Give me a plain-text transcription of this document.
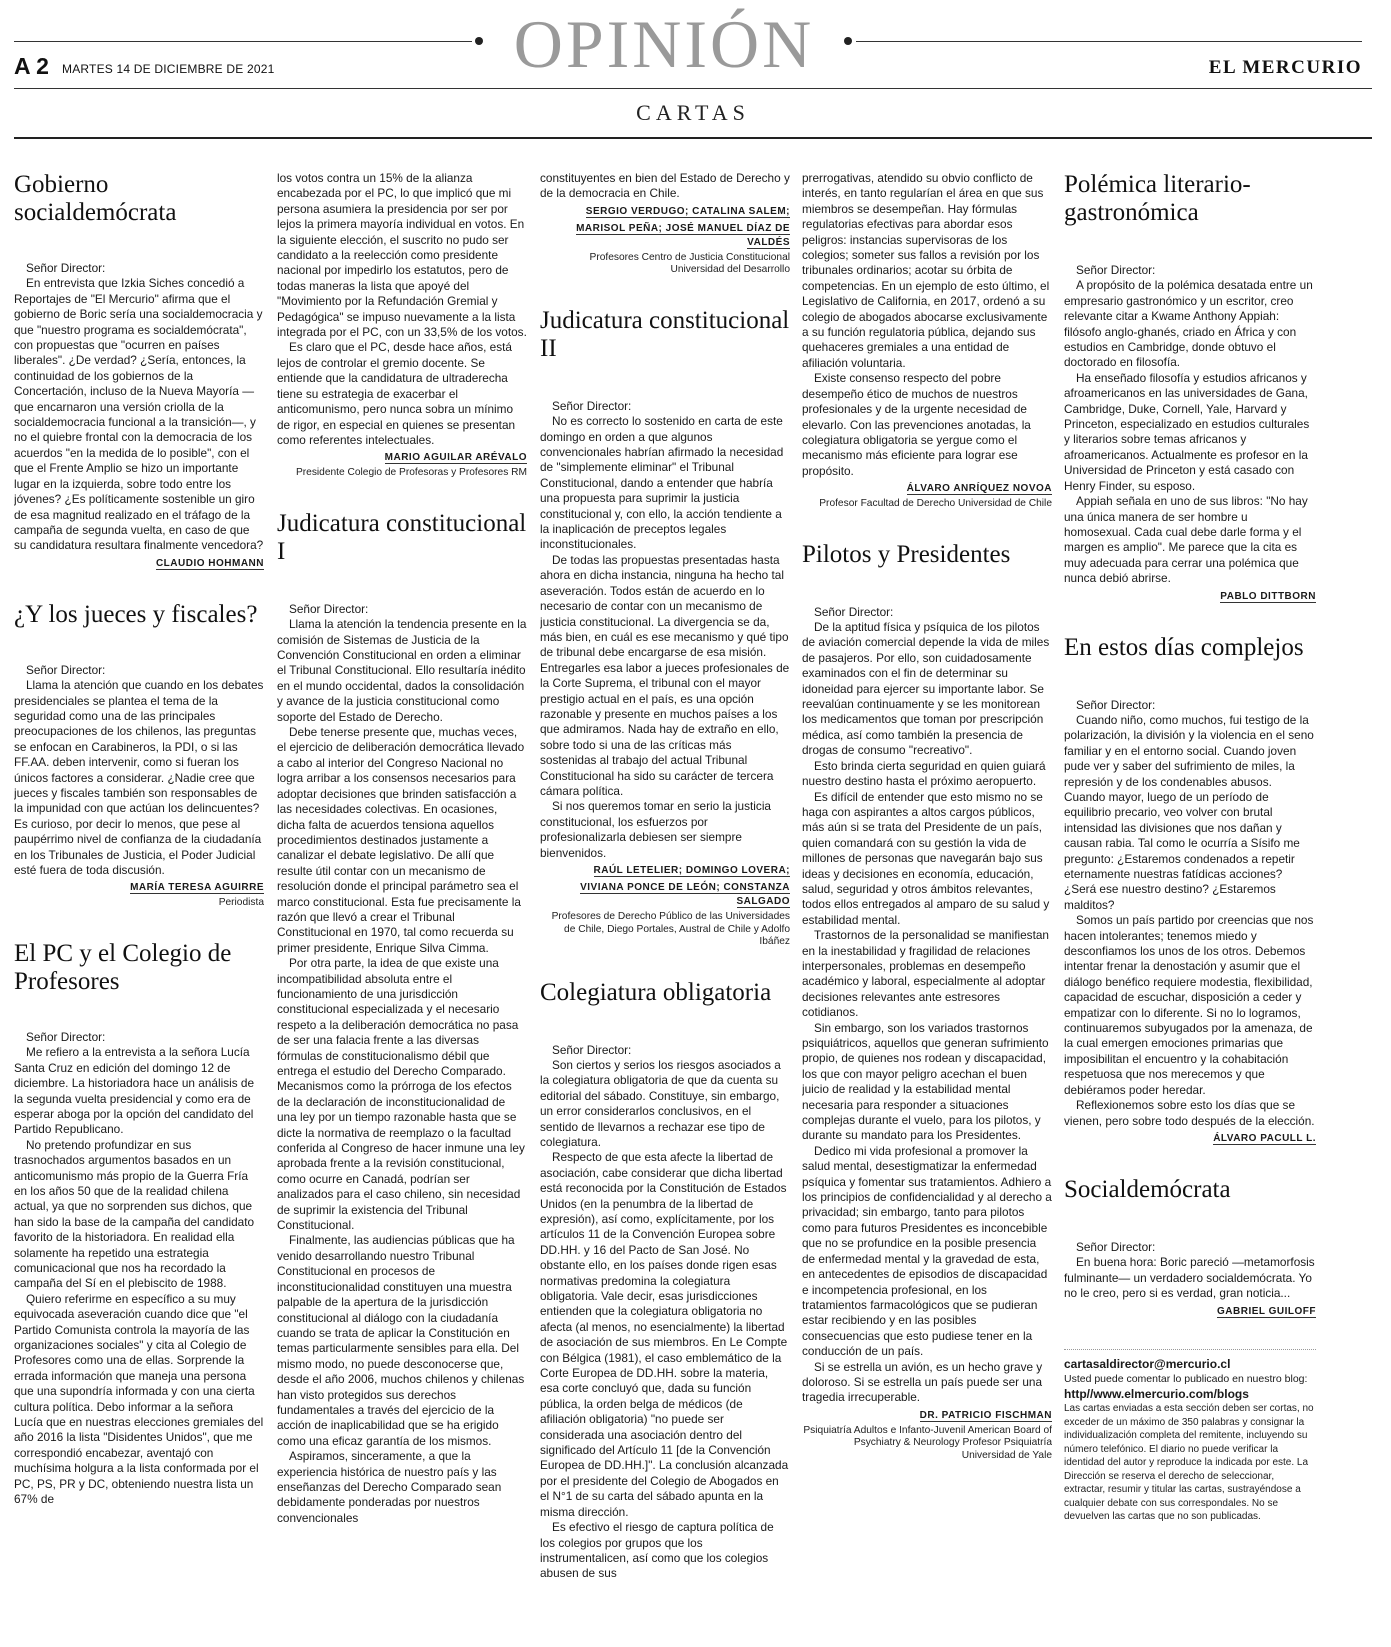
OPINIÓN
A 2 MARTES 14 DE DICIEMBRE DE 2021	EL MERCURIO
CARTAS
Gobierno socialdemócrata
Señor Director:

En entrevista que Izkia Siches concedió a Reportajes de "El Mercurio" afirma que el gobierno de Boric sería una socialdemocracia y que "nuestro programa es socialdemócrata", con propuestas que "ocurren en países liberales". ¿De verdad? ¿Sería, entonces, la continuidad de los gobiernos de la Concertación, incluso de la Nueva Mayoría —que encarnaron una versión criolla de la socialdemocracia funcional a la transición—, y no el quiebre frontal con la democracia de los acuerdos "en la medida de lo posible", con el que el Frente Amplio se hizo un importante lugar en la izquierda, sobre todo entre los jóvenes? ¿Es políticamente sostenible un giro de esa magnitud realizado en el tráfago de la campaña de segunda vuelta, en caso de que su candidatura resultara finalmente vencedora?

CLAUDIO HOHMANN
¿Y los jueces y fiscales?
Señor Director:

Llama la atención que cuando en los debates presidenciales se plantea el tema de la seguridad como una de las principales preocupaciones de los chilenos, las preguntas se enfocan en Carabineros, la PDI, o si las FF.AA. deben intervenir, como si fueran los únicos factores a considerar. ¿Nadie cree que jueces y fiscales también son responsables de la impunidad con que actúan los delincuentes? Es curioso, por decir lo menos, que pese al paupérrimo nivel de confianza de la ciudadanía en los Tribunales de Justicia, el Poder Judicial esté fuera de toda discusión.

MARÍA TERESA AGUIRRE
Periodista
El PC y el Colegio de Profesores
Señor Director:

Me refiero a la entrevista a la señora Lucía Santa Cruz en edición del domingo 12 de diciembre. La historiadora hace un análisis de la segunda vuelta presidencial y como era de esperar aboga por la opción del candidato del Partido Republicano.

No pretendo profundizar en sus trasnochados argumentos basados en un anticomunismo más propio de la Guerra Fría en los años 50 que de la realidad chilena actual, ya que no sorprenden sus dichos, que han sido la base de la campaña del candidato favorito de la historiadora. En realidad ella solamente ha repetido una estrategia comunicacional que nos ha recordado la campaña del Sí en el plebiscito de 1988.

Quiero referirme en específico a su muy equivocada aseveración cuando dice que "el Partido Comunista controla la mayoría de las organizaciones sociales" y cita al Colegio de Profesores como una de ellas. Sorprende la errada información que maneja una persona que una supondría informada y con una cierta cultura política. Debo informar a la señora Lucía que en nuestras elecciones gremiales del año 2016 la lista "Disidentes Unidos", que me correspondió encabezar, aventajó con muchísima holgura a la lista conformada por el PC, PS, PR y DC, obteniendo nuestra lista un 67% de

los votos contra un 15% de la alianza encabezada por el PC, lo que implicó que mi persona asumiera la presidencia por ser por lejos la primera mayoría individual en votos. En la siguiente elección, el suscrito no pudo ser candidato a la reelección como presidente nacional por impedirlo los estatutos, pero de todas maneras la lista que apoyé del "Movimiento por la Refundación Gremial y Pedagógica" se impuso nuevamente a la lista integrada por el PC, con un 33,5% de los votos.

Es claro que el PC, desde hace años, está lejos de controlar el gremio docente. Se entiende que la candidatura de ultraderecha tiene su estrategia de exacerbar el anticomunismo, pero nunca sobra un mínimo de rigor, en especial en quienes se presentan como referentes intelectuales.

MARIO AGUILAR ARÉVALO
Presidente Colegio de Profesoras y Profesores RM
Judicatura constitucional I
Señor Director:

Llama la atención la tendencia presente en la comisión de Sistemas de Justicia de la Convención Constitucional en orden a eliminar el Tribunal Constitucional. Ello resultaría inédito en el mundo occidental, dados la consolidación y avance de la justicia constitucional como soporte del Estado de Derecho.

Debe tenerse presente que, muchas veces, el ejercicio de deliberación democrática llevado a cabo al interior del Congreso Nacional no logra arribar a los consensos necesarios para adoptar decisiones que brinden satisfacción a las necesidades colectivas. En ocasiones, dicha falta de acuerdos tensiona aquellos procedimientos destinados justamente a canalizar el debate legislativo. De allí que resulte útil contar con un mecanismo de resolución donde el principal parámetro sea el marco constitucional. Esta fue precisamente la razón que llevó a crear el Tribunal Constitucional en 1970, tal como recuerda su primer presidente, Enrique Silva Cimma.

Por otra parte, la idea de que existe una incompatibilidad absoluta entre el funcionamiento de una jurisdicción constitucional especializada y el necesario respeto a la deliberación democrática no pasa de ser una falacia frente a las diversas fórmulas de constitucionalismo débil que entrega el estudio del Derecho Comparado. Mecanismos como la prórroga de los efectos de la declaración de inconstitucionalidad de una ley por un tiempo razonable hasta que se dicte la normativa de reemplazo o la facultad conferida al Congreso de hacer inmune una ley aprobada frente a la revisión constitucional, como ocurre en Canadá, podrían ser analizados para el caso chileno, sin necesidad de suprimir la existencia del Tribunal Constitucional.

Finalmente, las audiencias públicas que ha venido desarrollando nuestro Tribunal Constitucional en procesos de inconstitucionalidad constituyen una muestra palpable de la apertura de la jurisdicción constitucional al diálogo con la ciudadanía cuando se trata de aplicar la Constitución en temas particularmente sensibles para ella. Del mismo modo, no puede desconocerse que, desde el año 2006, muchos chilenos y chilenas han visto protegidos sus derechos fundamentales a través del ejercicio de la acción de inaplicabilidad que se ha erigido como una eficaz garantía de los mismos.

Aspiramos, sinceramente, a que la experiencia histórica de nuestro país y las enseñanzas del Derecho Comparado sean debidamente ponderadas por nuestros convencionales

constituyentes en bien del Estado de Derecho y de la democracia en Chile.

SERGIO VERDUGO; CATALINA SALEM;
MARISOL PEÑA; JOSÉ MANUEL DÍAZ DE VALDÉS
Profesores Centro de Justicia Constitucional Universidad del Desarrollo
Judicatura constitucional II
Señor Director:

No es correcto lo sostenido en carta de este domingo en orden a que algunos convencionales habrían afirmado la necesidad de "simplemente eliminar" el Tribunal Constitucional, dando a entender que habría una propuesta para suprimir la justicia constitucional y, con ello, la acción tendiente a la inaplicación de preceptos legales inconstitucionales.

De todas las propuestas presentadas hasta ahora en dicha instancia, ninguna ha hecho tal aseveración. Todos están de acuerdo en lo necesario de contar con un mecanismo de justicia constitucional. La divergencia se da, más bien, en cuál es ese mecanismo y qué tipo de tribunal debe encargarse de esa misión. Entregarles esa labor a jueces profesionales de la Corte Suprema, el tribunal con el mayor prestigio actual en el país, es una opción razonable y presente en muchos países a los que admiramos. Nada hay de extraño en ello, sobre todo si una de las críticas más sostenidas al trabajo del actual Tribunal Constitucional ha sido su carácter de tercera cámara política.

Si nos queremos tomar en serio la justicia constitucional, los esfuerzos por profesionalizarla debiesen ser siempre bienvenidos.

RAÚL LETELIER; DOMINGO LOVERA;
VIVIANA PONCE DE LEÓN; CONSTANZA SALGADO
Profesores de Derecho Público de las Universidades de Chile, Diego Portales, Austral de Chile y Adolfo Ibáñez
Colegiatura obligatoria
Señor Director:

Son ciertos y serios los riesgos asociados a la colegiatura obligatoria de que da cuenta su editorial del sábado. Constituye, sin embargo, un error considerarlos conclusivos, en el sentido de llevarnos a rechazar ese tipo de colegiatura.

Respecto de que esta afecte la libertad de asociación, cabe considerar que dicha libertad está reconocida por la Constitución de Estados Unidos (en la penumbra de la libertad de expresión), así como, explícitamente, por los artículos 11 de la Convención Europea sobre DD.HH. y 16 del Pacto de San José. No obstante ello, en los países donde rigen esas normativas predomina la colegiatura obligatoria. Vale decir, esas jurisdicciones entienden que la colegiatura obligatoria no afecta (al menos, no esencialmente) la libertad de asociación de sus miembros. En Le Compte con Bélgica (1981), el caso emblemático de la Corte Europea de DD.HH. sobre la materia, esa corte concluyó que, dada su función pública, la orden belga de médicos (de afiliación obligatoria) "no puede ser considerada una asociación dentro del significado del Artículo 11 [de la Convención Europea de DD.HH.]". La conclusión alcanzada por el presidente del Colegio de Abogados en el N°1 de su carta del sábado apunta en la misma dirección.

Es efectivo el riesgo de captura política de los colegios por grupos que los instrumentalicen, así como que los colegios abusen de sus

prerrogativas, atendido su obvio conflicto de interés, en tanto regularían el área en que sus miembros se desempeñan. Hay fórmulas regulatorias efectivas para abordar esos peligros: instancias supervisoras de los colegios; someter sus fallos a revisión por los tribunales ordinarios; acotar su órbita de competencias. En un ejemplo de esto último, el Legislativo de California, en 2017, ordenó a su colegio de abogados abocarse exclusivamente a su función regulatoria pública, dejando sus quehaceres gremiales a una entidad de afiliación voluntaria.

Existe consenso respecto del pobre desempeño ético de muchos de nuestros profesionales y de la urgente necesidad de elevarlo. Con las prevenciones anotadas, la colegiatura obligatoria se yergue como el mecanismo más eficiente para lograr ese propósito.

ÁLVARO ANRÍQUEZ NOVOA
Profesor Facultad de Derecho Universidad de Chile
Pilotos y Presidentes
Señor Director:

De la aptitud física y psíquica de los pilotos de aviación comercial depende la vida de miles de pasajeros. Por ello, son cuidadosamente examinados con el fin de determinar su idoneidad para ejercer su importante labor. Se reevalúan continuamente y se les monitorean los medicamentos que toman por prescripción médica, así como también la presencia de drogas de consumo "recreativo".

Esto brinda cierta seguridad en quien guiará nuestro destino hasta el próximo aeropuerto.

Es difícil de entender que esto mismo no se haga con aspirantes a altos cargos públicos, más aún si se trata del Presidente de un país, quien comandará con su gestión la vida de millones de personas que navegarán bajo sus ideas y decisiones en economía, educación, salud, seguridad y otros ámbitos relevantes, todos ellos entregados al amparo de su salud y estabilidad mental.

Trastornos de la personalidad se manifiestan en la inestabilidad y fragilidad de relaciones interpersonales, problemas en desempeño académico y laboral, especialmente al adoptar decisiones relevantes ante estresores cotidianos.

Sin embargo, son los variados trastornos psiquiátricos, aquellos que generan sufrimiento propio, de quienes nos rodean y discapacidad, los que con mayor peligro acechan el buen juicio de realidad y la estabilidad mental necesaria para responder a situaciones complejas durante el vuelo, para los pilotos, y durante su mandato para los Presidentes.

Dedico mi vida profesional a promover la salud mental, desestigmatizar la enfermedad psíquica y fomentar sus tratamientos. Adhiero a los principios de confidencialidad y al derecho a privacidad; sin embargo, tanto para pilotos como para futuros Presidentes es inconcebible que no se profundice en la posible presencia de enfermedad mental y la gravedad de esta, en antecedentes de episodios de discapacidad e incompetencia profesional, en los tratamientos farmacológicos que se pudieran estar recibiendo y en las posibles consecuencias que esto pudiese tener en la conducción de un país.

Si se estrella un avión, es un hecho grave y doloroso. Si se estrella un país puede ser una tragedia irrecuperable.

DR. PATRICIO FISCHMAN
Psiquiatría Adultos e Infanto-Juvenil American Board of Psychiatry & Neurology Profesor Psiquiatría Universidad de Yale
Polémica literario-gastronómica
Señor Director:

A propósito de la polémica desatada entre un empresario gastronómico y un escritor, creo relevante citar a Kwame Anthony Appiah: filósofo anglo-ghanés, criado en África y con estudios en Cambridge, donde obtuvo el doctorado en filosofía.

Ha enseñado filosofía y estudios africanos y afroamericanos en las universidades de Gana, Cambridge, Duke, Cornell, Yale, Harvard y Princeton, especializado en estudios culturales y literarios sobre temas africanos y afroamericanos. Actualmente es profesor en la Universidad de Princeton y está casado con Henry Finder, su esposo.

Appiah señala en uno de sus libros: "No hay una única manera de ser hombre u homosexual. Cada cual debe darle forma y el margen es amplio". Me parece que la cita es muy adecuada para cerrar una polémica que nunca debió abrirse.

PABLO DITTBORN
En estos días complejos
Señor Director:

Cuando niño, como muchos, fui testigo de la polarización, la división y la violencia en el seno familiar y en el entorno social. Cuando joven pude ver y saber del sufrimiento de miles, la represión y de los condenables abusos. Cuando mayor, luego de un período de equilibrio precario, veo volver con brutal intensidad las divisiones que nos dañan y causan rabia. Tal como le ocurría a Sísifo me pregunto: ¿Estaremos condenados a repetir eternamente nuestras fatídicas acciones? ¿Será ese nuestro destino? ¿Estaremos malditos?

Somos un país partido por creencias que nos hacen intolerantes; tenemos miedo y desconfiamos los unos de los otros. Debemos intentar frenar la denostación y asumir que el diálogo benéfico requiere modestia, flexibilidad, capacidad de escuchar, disposición a ceder y empatizar con lo diferente. Si no lo logramos, continuaremos subyugados por la amenaza, de la cual emergen emociones primarias que imposibilitan el encuentro y la cohabitación respetuosa que nos merecemos y que debiéramos poder heredar.

Reflexionemos sobre esto los días que se vienen, pero sobre todo después de la elección.

ÁLVARO PACULL L.
Socialdemócrata
Señor Director:

En buena hora: Boric pareció —metamorfosis fulminante— un verdadero socialdemócrata. Yo no le creo, pero si es verdad, gran noticia...

GABRIEL GUILOFF
cartasaldirector@mercurio.cl
Usted puede comentar lo publicado en nuestro blog:
http//www.elmercurio.com/blogs
Las cartas enviadas a esta sección deben ser cortas, no exceder de un máximo de 350 palabras y consignar la individualización completa del remitente, incluyendo su número telefónico. El diario no puede verificar la identidad del autor y reproduce la indicada por este. La Dirección se reserva el derecho de seleccionar, extractar, resumir y titular las cartas, sustrayéndose a cualquier debate con sus correspondales. No se devuelven las cartas que no son publicadas.
